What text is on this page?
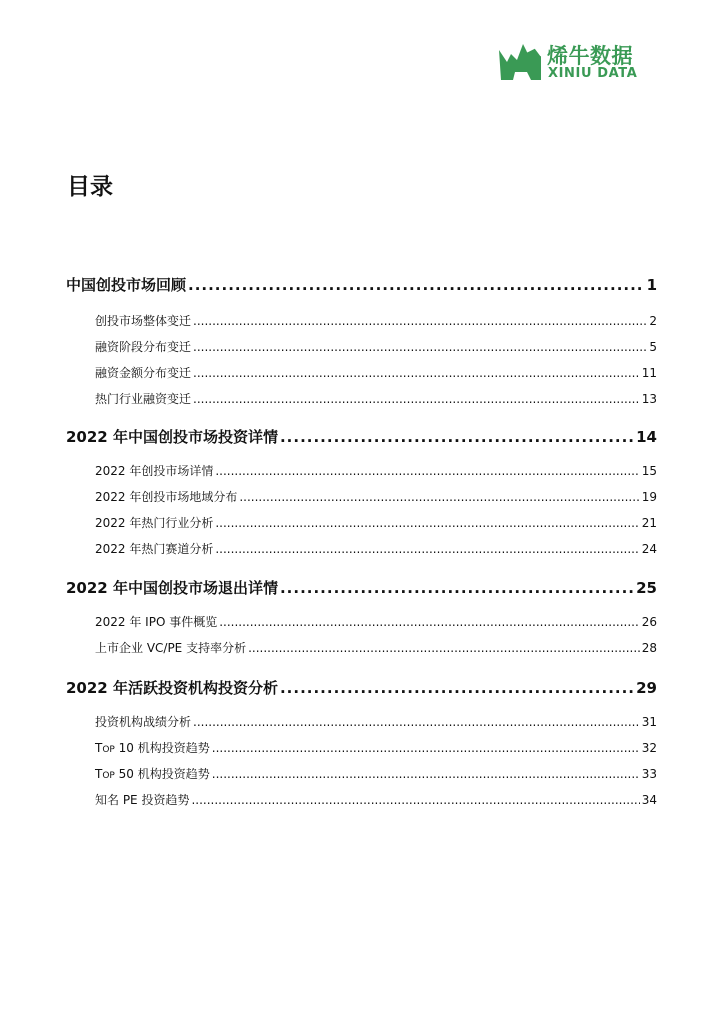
烯牛数据
XINIU DATA
目录
中国创投市场回顾 .....	1
创投市场整体变迁 .....	2
融资阶段分布变迁 .....	5
融资金额分布变迁 .....	11
热门行业融资变迁 .....	13
2022 年中国创投市场投资详情 .....	14
2022 年创投市场详情 .....	15
2022 年创投市场地域分布 .....	19
2022 年热门行业分析 .....	21
2022 年热门赛道分析 .....	24
2022 年中国创投市场退出详情 .....	25
2022 年 IPO 事件概览 .....	26
上市企业 VC/PE 支持率分析 .....	28
2022 年活跃投资机构投资分析 .....	29
投资机构战绩分析 .....	31
TOP 10 机构投资趋势 .....	32
TOP 50 机构投资趋势 .....	33
知名 PE 投资趋势 .....	34
